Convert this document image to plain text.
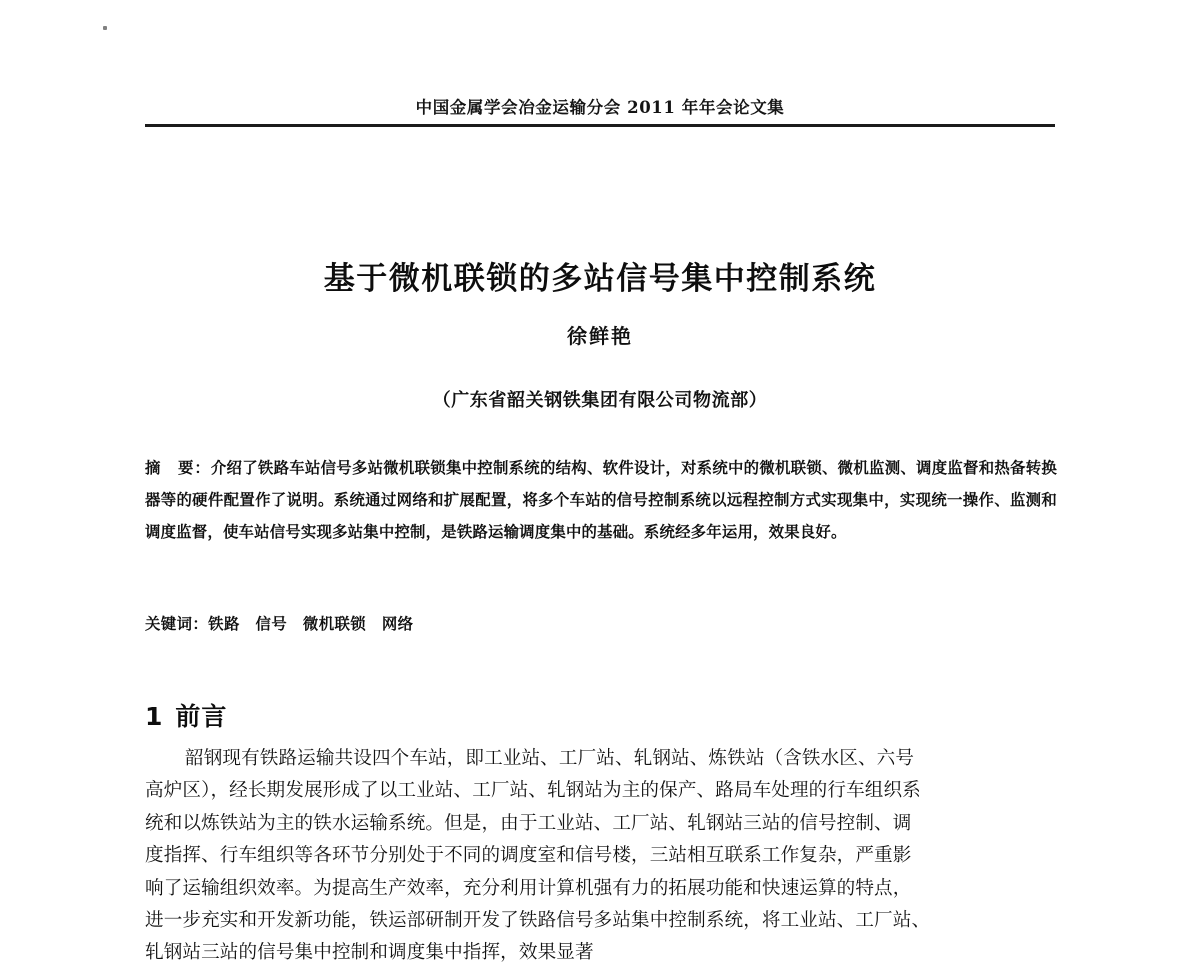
中国金属学会冶金运输分会 2011 年年会论文集
基于微机联锁的多站信号集中控制系统
徐鲜艳
（广东省韶关钢铁集团有限公司物流部）
摘　要：介绍了铁路车站信号多站微机联锁集中控制系统的结构、软件设计，对系统中的微机联锁、微机监测、调度监督和热备转换器等的硬件配置作了说明。系统通过网络和扩展配置，将多个车站的信号控制系统以远程控制方式实现集中，实现统一操作、监测和调度监督，使车站信号实现多站集中控制，是铁路运输调度集中的基础。系统经多年运用，效果良好。
关键词：铁路　信号　微机联锁　网络
1 前言
韶钢现有铁路运输共设四个车站，即工业站、工厂站、轧钢站、炼铁站（含铁水区、六号
高炉区），经长期发展形成了以工业站、工厂站、轧钢站为主的保产、路局车处理的行车组织系
统和以炼铁站为主的铁水运输系统。但是，由于工业站、工厂站、轧钢站三站的信号控制、调
度指挥、行车组织等各环节分别处于不同的调度室和信号楼，三站相互联系工作复杂，严重影
响了运输组织效率。为提高生产效率，充分利用计算机强有力的拓展功能和快速运算的特点，
进一步充实和开发新功能，铁运部研制开发了铁路信号多站集中控制系统，将工业站、工厂站、
轧钢站三站的信号集中控制和调度集中指挥，效果显著
